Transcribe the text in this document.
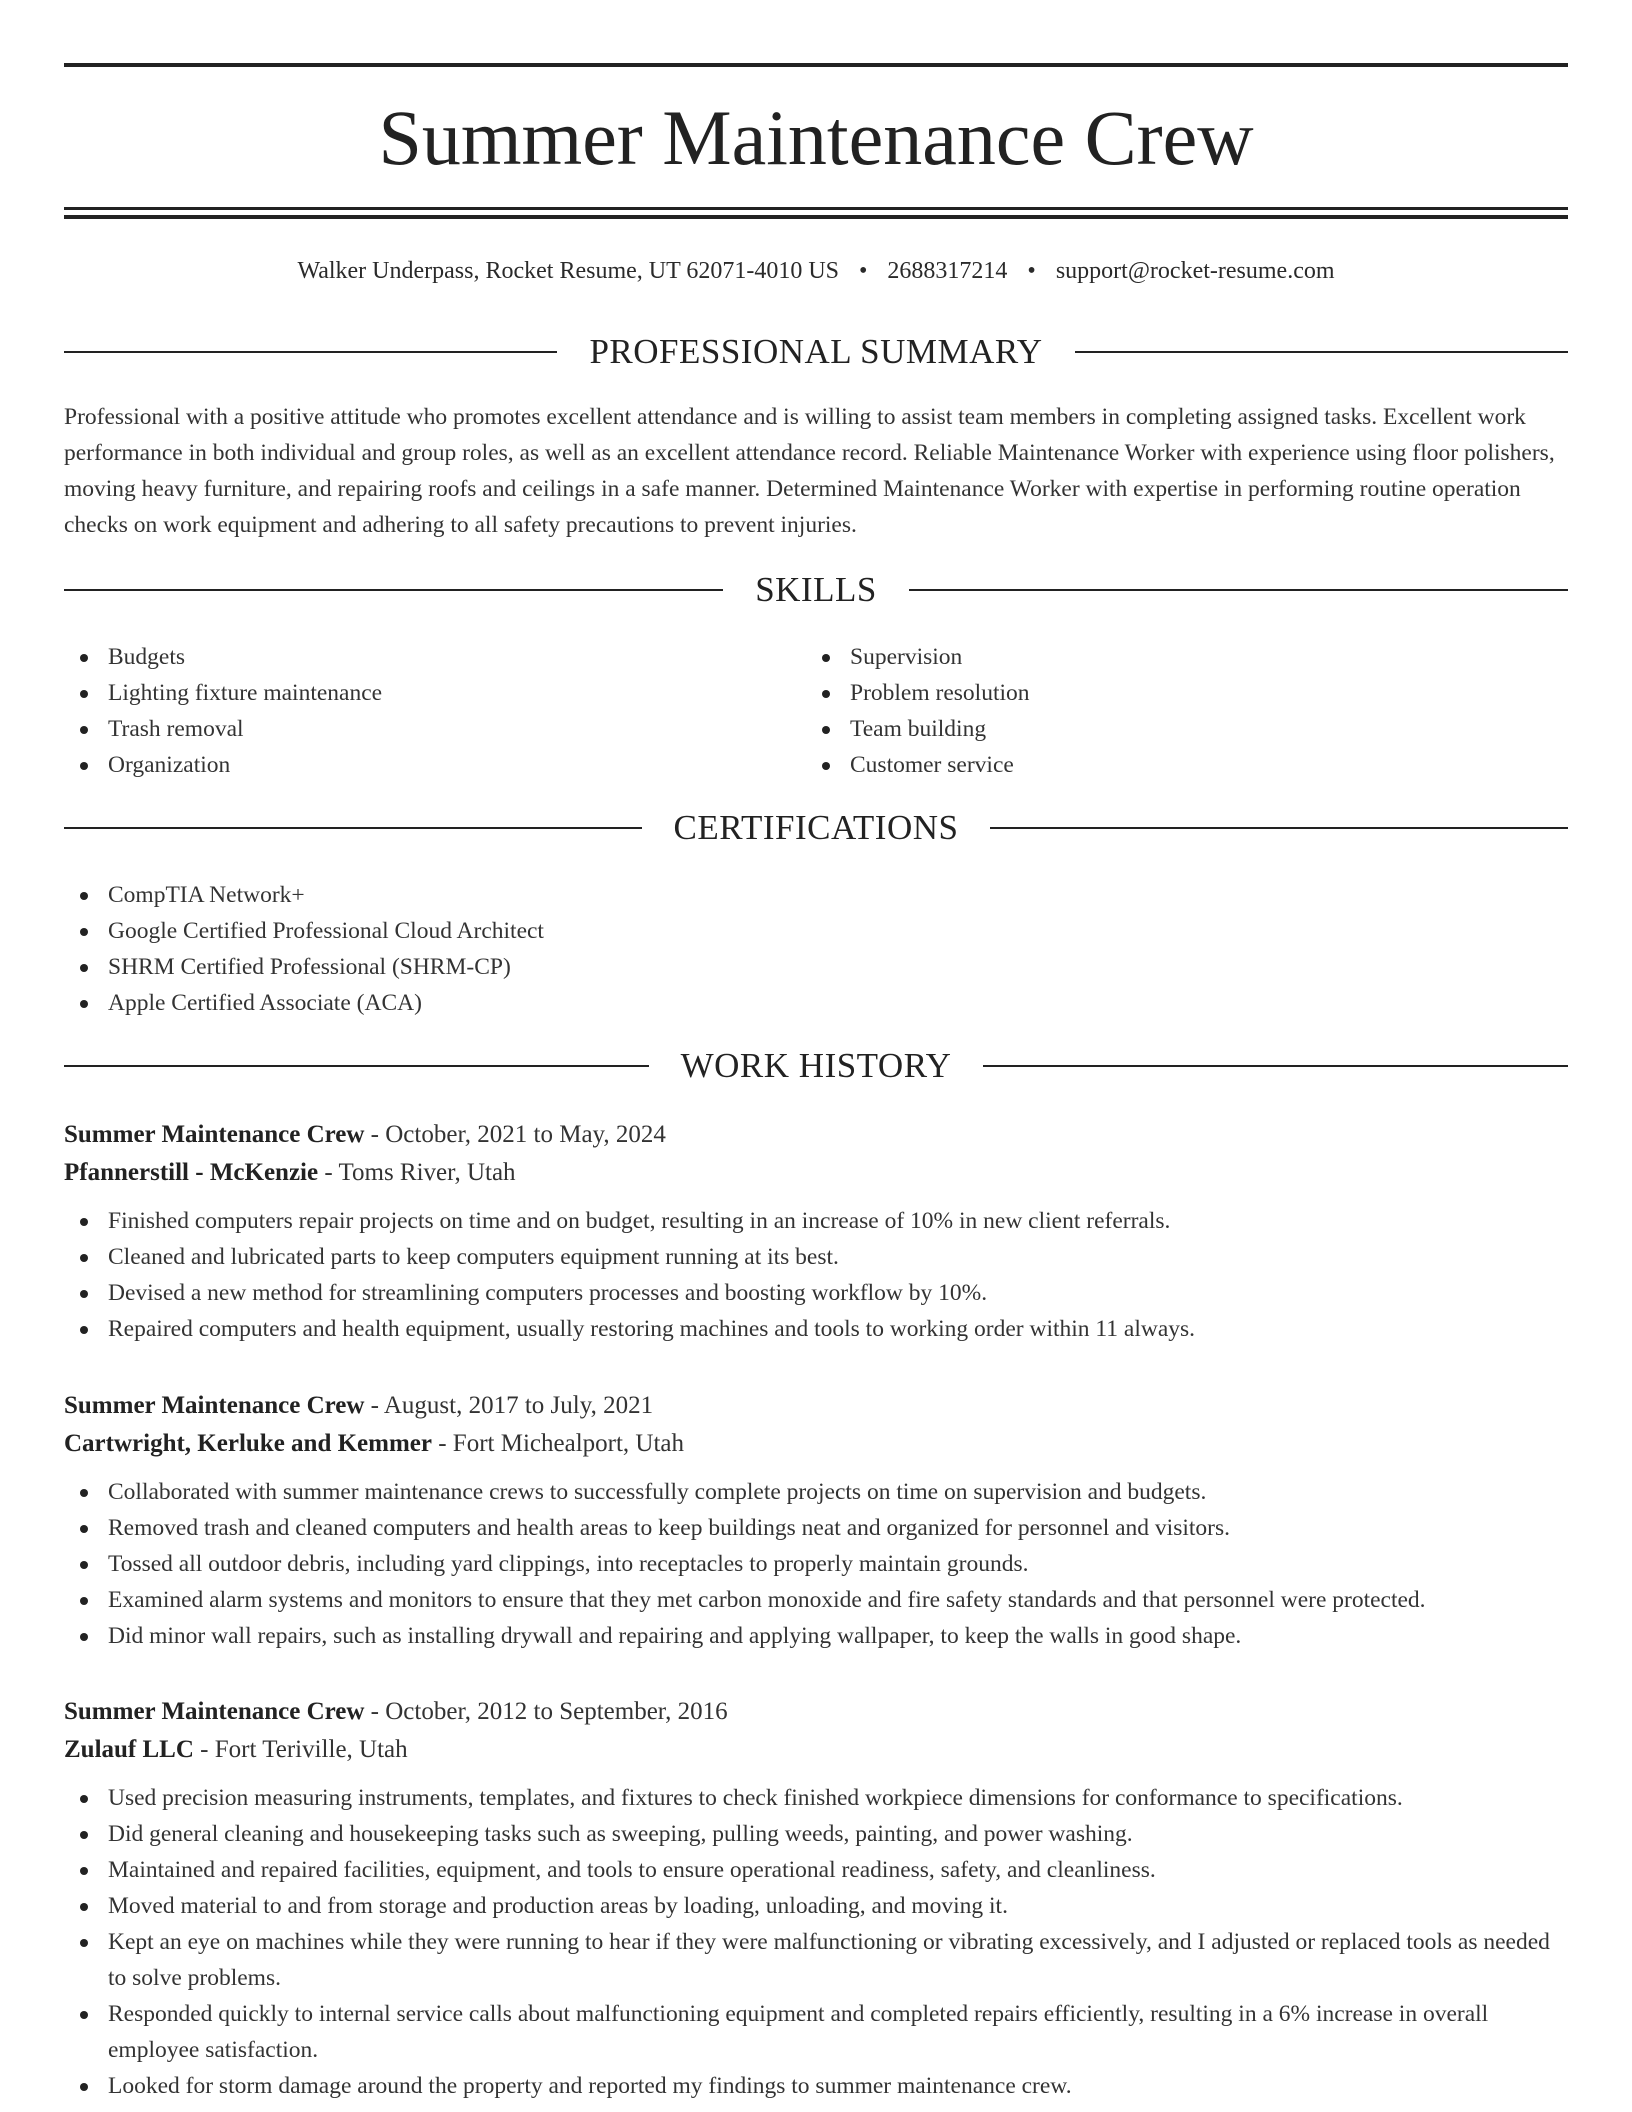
Summer Maintenance Crew
Walker Underpass, Rocket Resume, UT 62071-4010 US • 2688317214 • support@rocket-resume.com
PROFESSIONAL SUMMARY
Professional with a positive attitude who promotes excellent attendance and is willing to assist team members in completing assigned tasks. Excellent work performance in both individual and group roles, as well as an excellent attendance record. Reliable Maintenance Worker with experience using floor polishers, moving heavy furniture, and repairing roofs and ceilings in a safe manner. Determined Maintenance Worker with expertise in performing routine operation checks on work equipment and adhering to all safety precautions to prevent injuries.
SKILLS
Budgets
Lighting fixture maintenance
Trash removal
Organization
Supervision
Problem resolution
Team building
Customer service
CERTIFICATIONS
CompTIA Network+
Google Certified Professional Cloud Architect
SHRM Certified Professional (SHRM-CP)
Apple Certified Associate (ACA)
WORK HISTORY
Summer Maintenance Crew - October, 2021 to May, 2024
Pfannerstill - McKenzie - Toms River, Utah
Finished computers repair projects on time and on budget, resulting in an increase of 10% in new client referrals.
Cleaned and lubricated parts to keep computers equipment running at its best.
Devised a new method for streamlining computers processes and boosting workflow by 10%.
Repaired computers and health equipment, usually restoring machines and tools to working order within 11 always.
Summer Maintenance Crew - August, 2017 to July, 2021
Cartwright, Kerluke and Kemmer - Fort Michealport, Utah
Collaborated with summer maintenance crews to successfully complete projects on time on supervision and budgets.
Removed trash and cleaned computers and health areas to keep buildings neat and organized for personnel and visitors.
Tossed all outdoor debris, including yard clippings, into receptacles to properly maintain grounds.
Examined alarm systems and monitors to ensure that they met carbon monoxide and fire safety standards and that personnel were protected.
Did minor wall repairs, such as installing drywall and repairing and applying wallpaper, to keep the walls in good shape.
Summer Maintenance Crew - October, 2012 to September, 2016
Zulauf LLC - Fort Teriville, Utah
Used precision measuring instruments, templates, and fixtures to check finished workpiece dimensions for conformance to specifications.
Did general cleaning and housekeeping tasks such as sweeping, pulling weeds, painting, and power washing.
Maintained and repaired facilities, equipment, and tools to ensure operational readiness, safety, and cleanliness.
Moved material to and from storage and production areas by loading, unloading, and moving it.
Kept an eye on machines while they were running to hear if they were malfunctioning or vibrating excessively, and I adjusted or replaced tools as needed to solve problems.
Responded quickly to internal service calls about malfunctioning equipment and completed repairs efficiently, resulting in a 6% increase in overall employee satisfaction.
Looked for storm damage around the property and reported my findings to summer maintenance crew.
